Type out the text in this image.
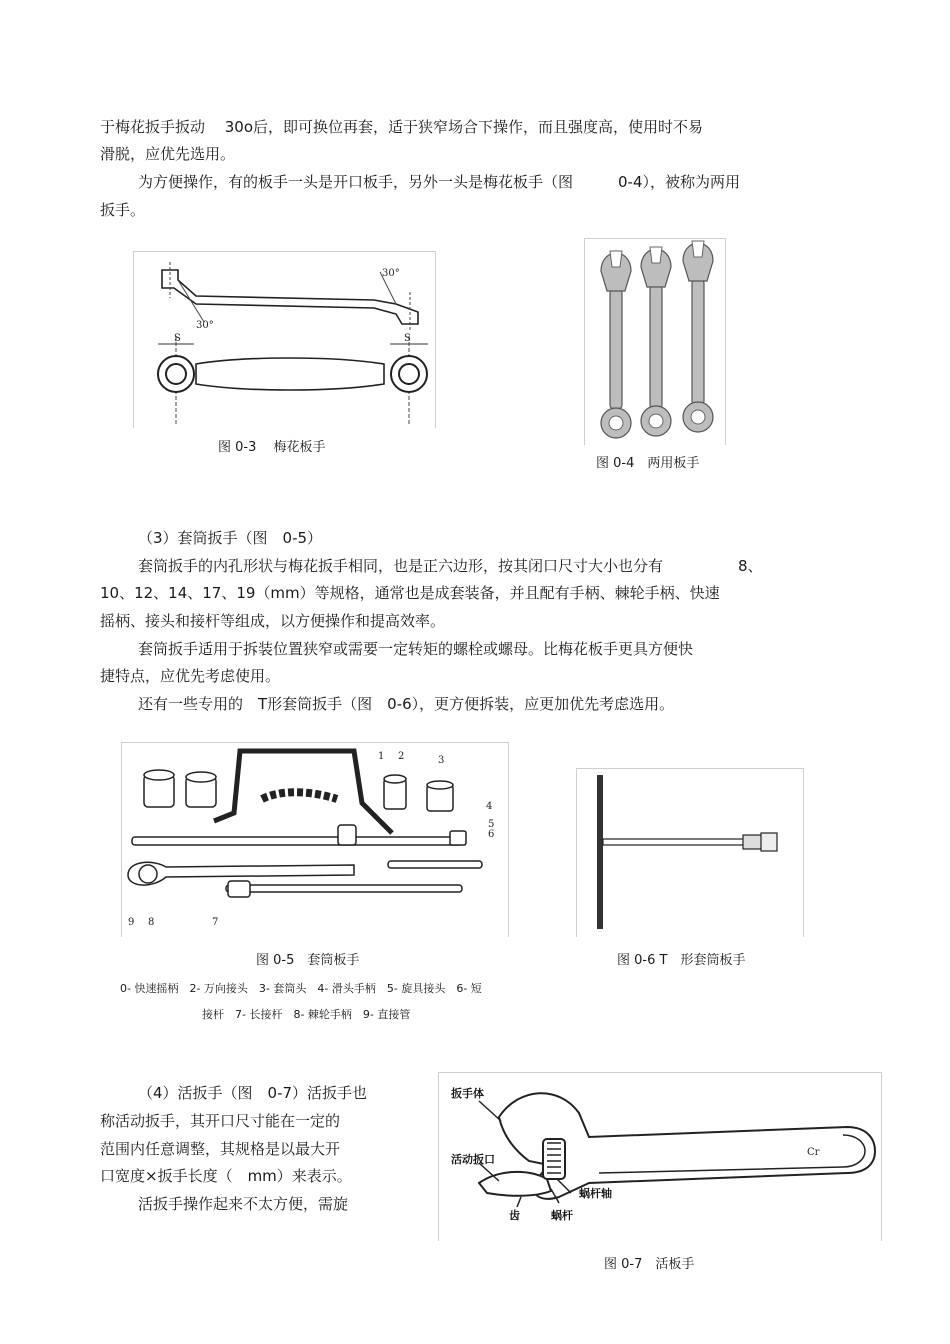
于梅花扳手扳动　 30o后，即可换位再套，适于狭窄场合下操作，而且强度高，使用时不易
滑脱，应优先选用。
为方便操作，有的板手一头是开口板手，另外一头是梅花板手（图　　　0-4），被称为两用
扳手。
30°
30°
S	S
图 0-3　 梅花板手
图 0-4　两用板手
（3）套筒扳手（图　0-5）
套筒扳手的内孔形状与梅花扳手相同，也是正六边形，按其闭口尺寸大小也分有　　　　　8、
10、12、14、17、19（mm）等规格，通常也是成套装备，并且配有手柄、棘轮手柄、快速
摇柄、接头和接杆等组成，以方便操作和提高效率。
套筒扳手适用于拆装位置狭窄或需要一定转矩的螺栓或螺母。比梅花板手更具方便快
捷特点，应优先考虑使用。
还有一些专用的　T形套筒扳手（图　0-6），更方便拆装，应更加优先考虑选用。
1 2	3
4
5
6
7
8
9
图 0-5　套筒板手
0- 快速摇柄　2- 万向接头　3- 套筒头　4- 滑头手柄　5- 旋具接头　6- 短
接杆　7- 长接杆　8- 棘轮手柄　9- 直接管
图 0-6 T　形套筒板手
（4）活扳手（图　0-7）活扳手也
称活动扳手，其开口尺寸能在一定的
范围内任意调整，其规格是以最大开
口宽度×扳手长度（　mm）来表示。
活扳手操作起来不太方便，需旋
扳手体
活动扳口
蜗杆轴
蜗杆
齿
Cr
图 0-7　活板手
